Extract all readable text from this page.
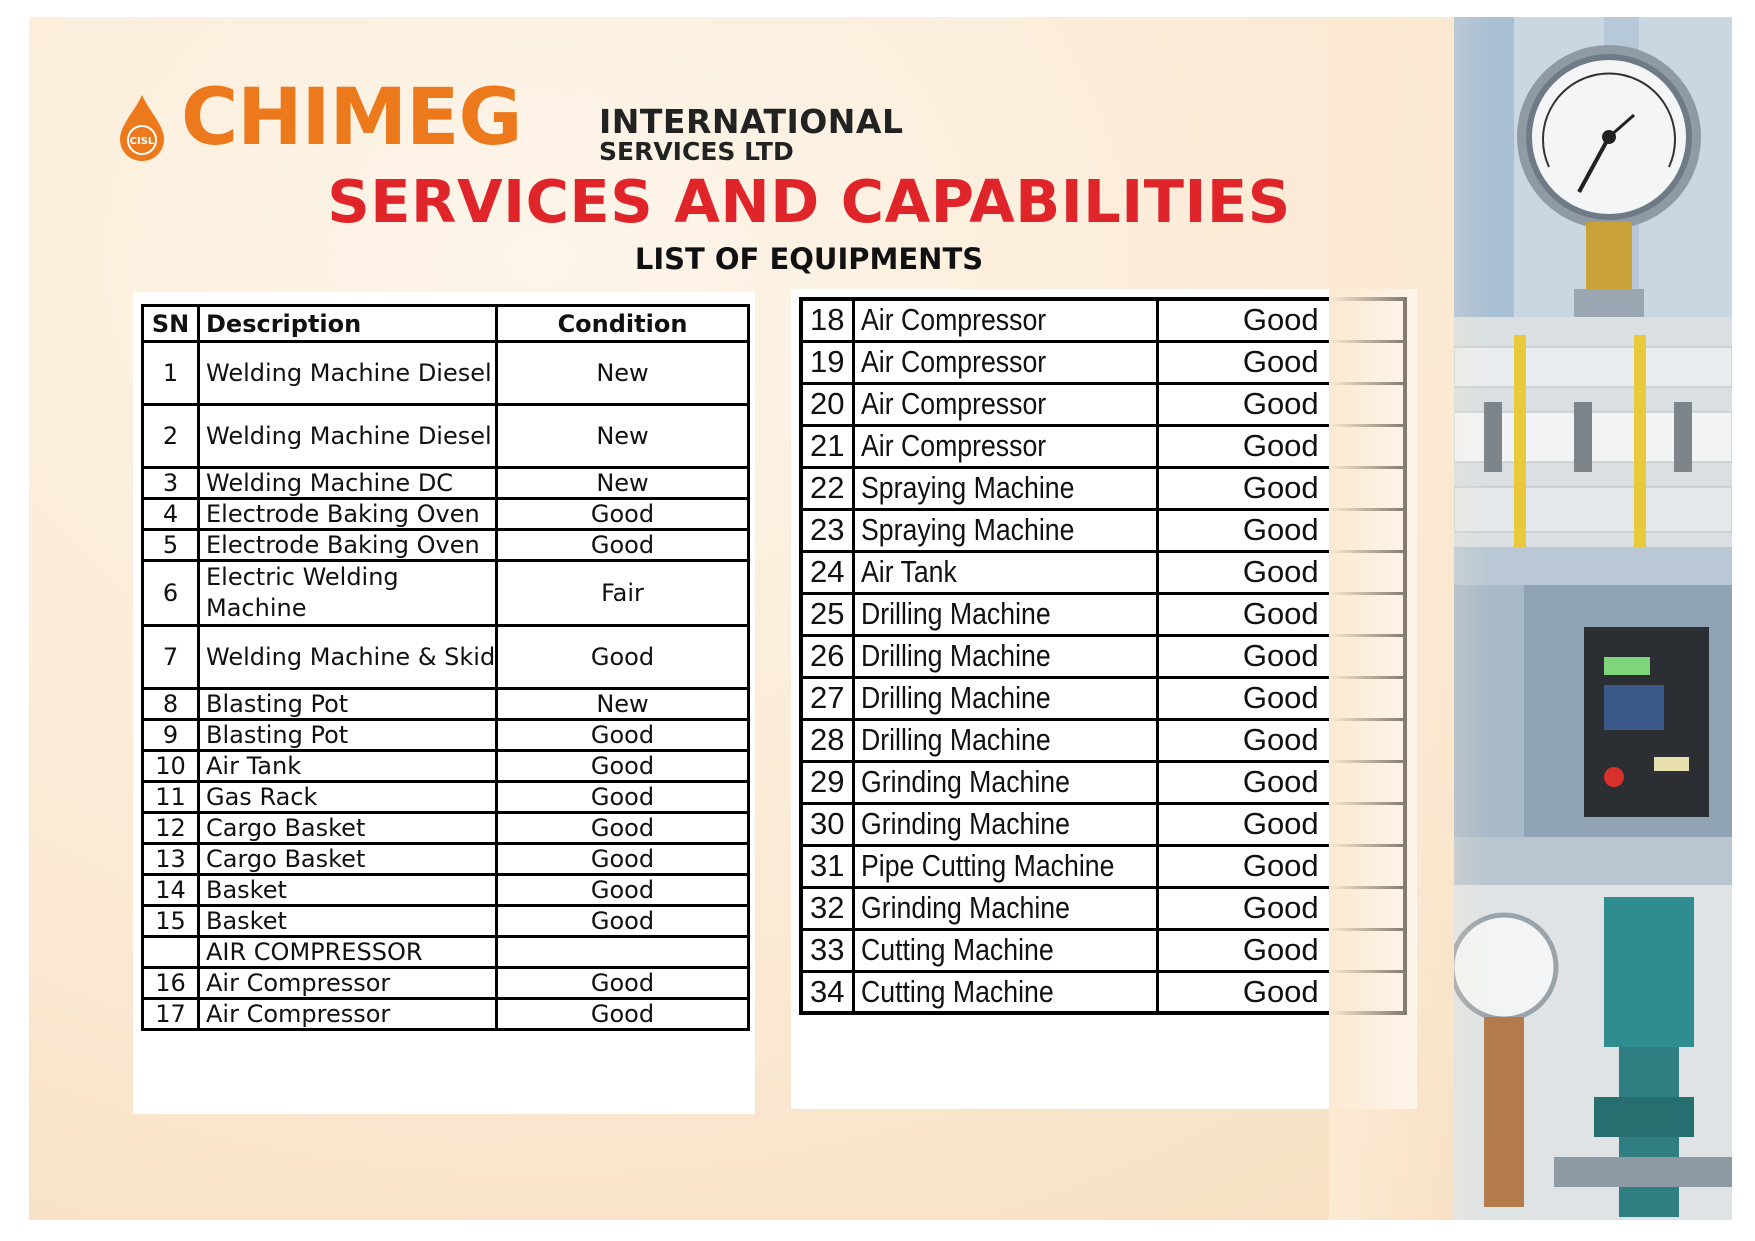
CISL CHIMEG INTERNATIONAL
SERVICES LTD
SERVICES AND CAPABILITIES
LIST OF EQUIPMENTS
SN	Description	Condition
1	Welding Machine Diesel	New
2	Welding Machine Diesel	New
3	Welding Machine DC	New
4	Electrode Baking Oven	Good
5	Electrode Baking Oven	Good
6	Electric Welding Machine	Fair
7	Welding Machine & Skid	Good
8	Blasting Pot	New
9	Blasting Pot	Good
10	Air Tank	Good
11	Gas Rack	Good
12	Cargo Basket	Good
13	Cargo Basket	Good
14	Basket	Good
15	Basket	Good
	AIR COMPRESSOR	
16	Air Compressor	Good
17	Air Compressor	Good
18	Air Compressor	Good
19	Air Compressor	Good
20	Air Compressor	Good
21	Air Compressor	Good
22	Spraying Machine	Good
23	Spraying Machine	Good
24	Air Tank	Good
25	Drilling Machine	Good
26	Drilling Machine	Good
27	Drilling Machine	Good
28	Drilling Machine	Good
29	Grinding Machine	Good
30	Grinding Machine	Good
31	Pipe Cutting Machine	Good
32	Grinding Machine	Good
33	Cutting Machine	Good
34	Cutting Machine	Good
